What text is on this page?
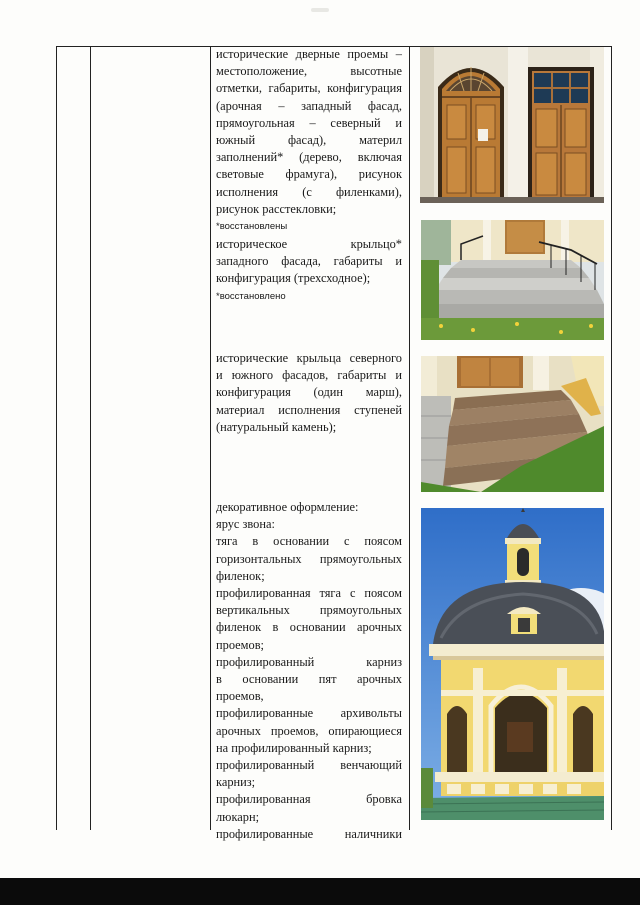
исторические дверные проемы –
местоположение, высотные
отметки, габариты, конфигурация
(арочная – западный фасад,
прямоугольная – северный и
южный фасад), материл
заполнений* (дерево, включая
световые фрамуга), рисунок
исполнения (с филенками),
рисунок расстекловки;
*восстановлены
историческое крыльцо*
западного фасада, габариты и
конфигурация (трехсходное);
*восстановлено
исторические крыльца северного
и южного фасадов, габариты и
конфигурация (один марш),
материал исполнения ступеней
(натуральный камень);
декоративное оформление:
ярус звона:
тяга в основании с поясом
горизонтальных прямоугольных
филенок;
профилированная тяга с поясом
вертикальных прямоугольных
филенок в основании арочных
проемов;
профилированный карниз
в основании пят арочных
проемов,
профилированные архивольты
арочных проемов, опирающиеся
на профилированный карниз;
профилированный венчающий
карниз;
профилированная бровка
люкарн;
профилированные наличники
